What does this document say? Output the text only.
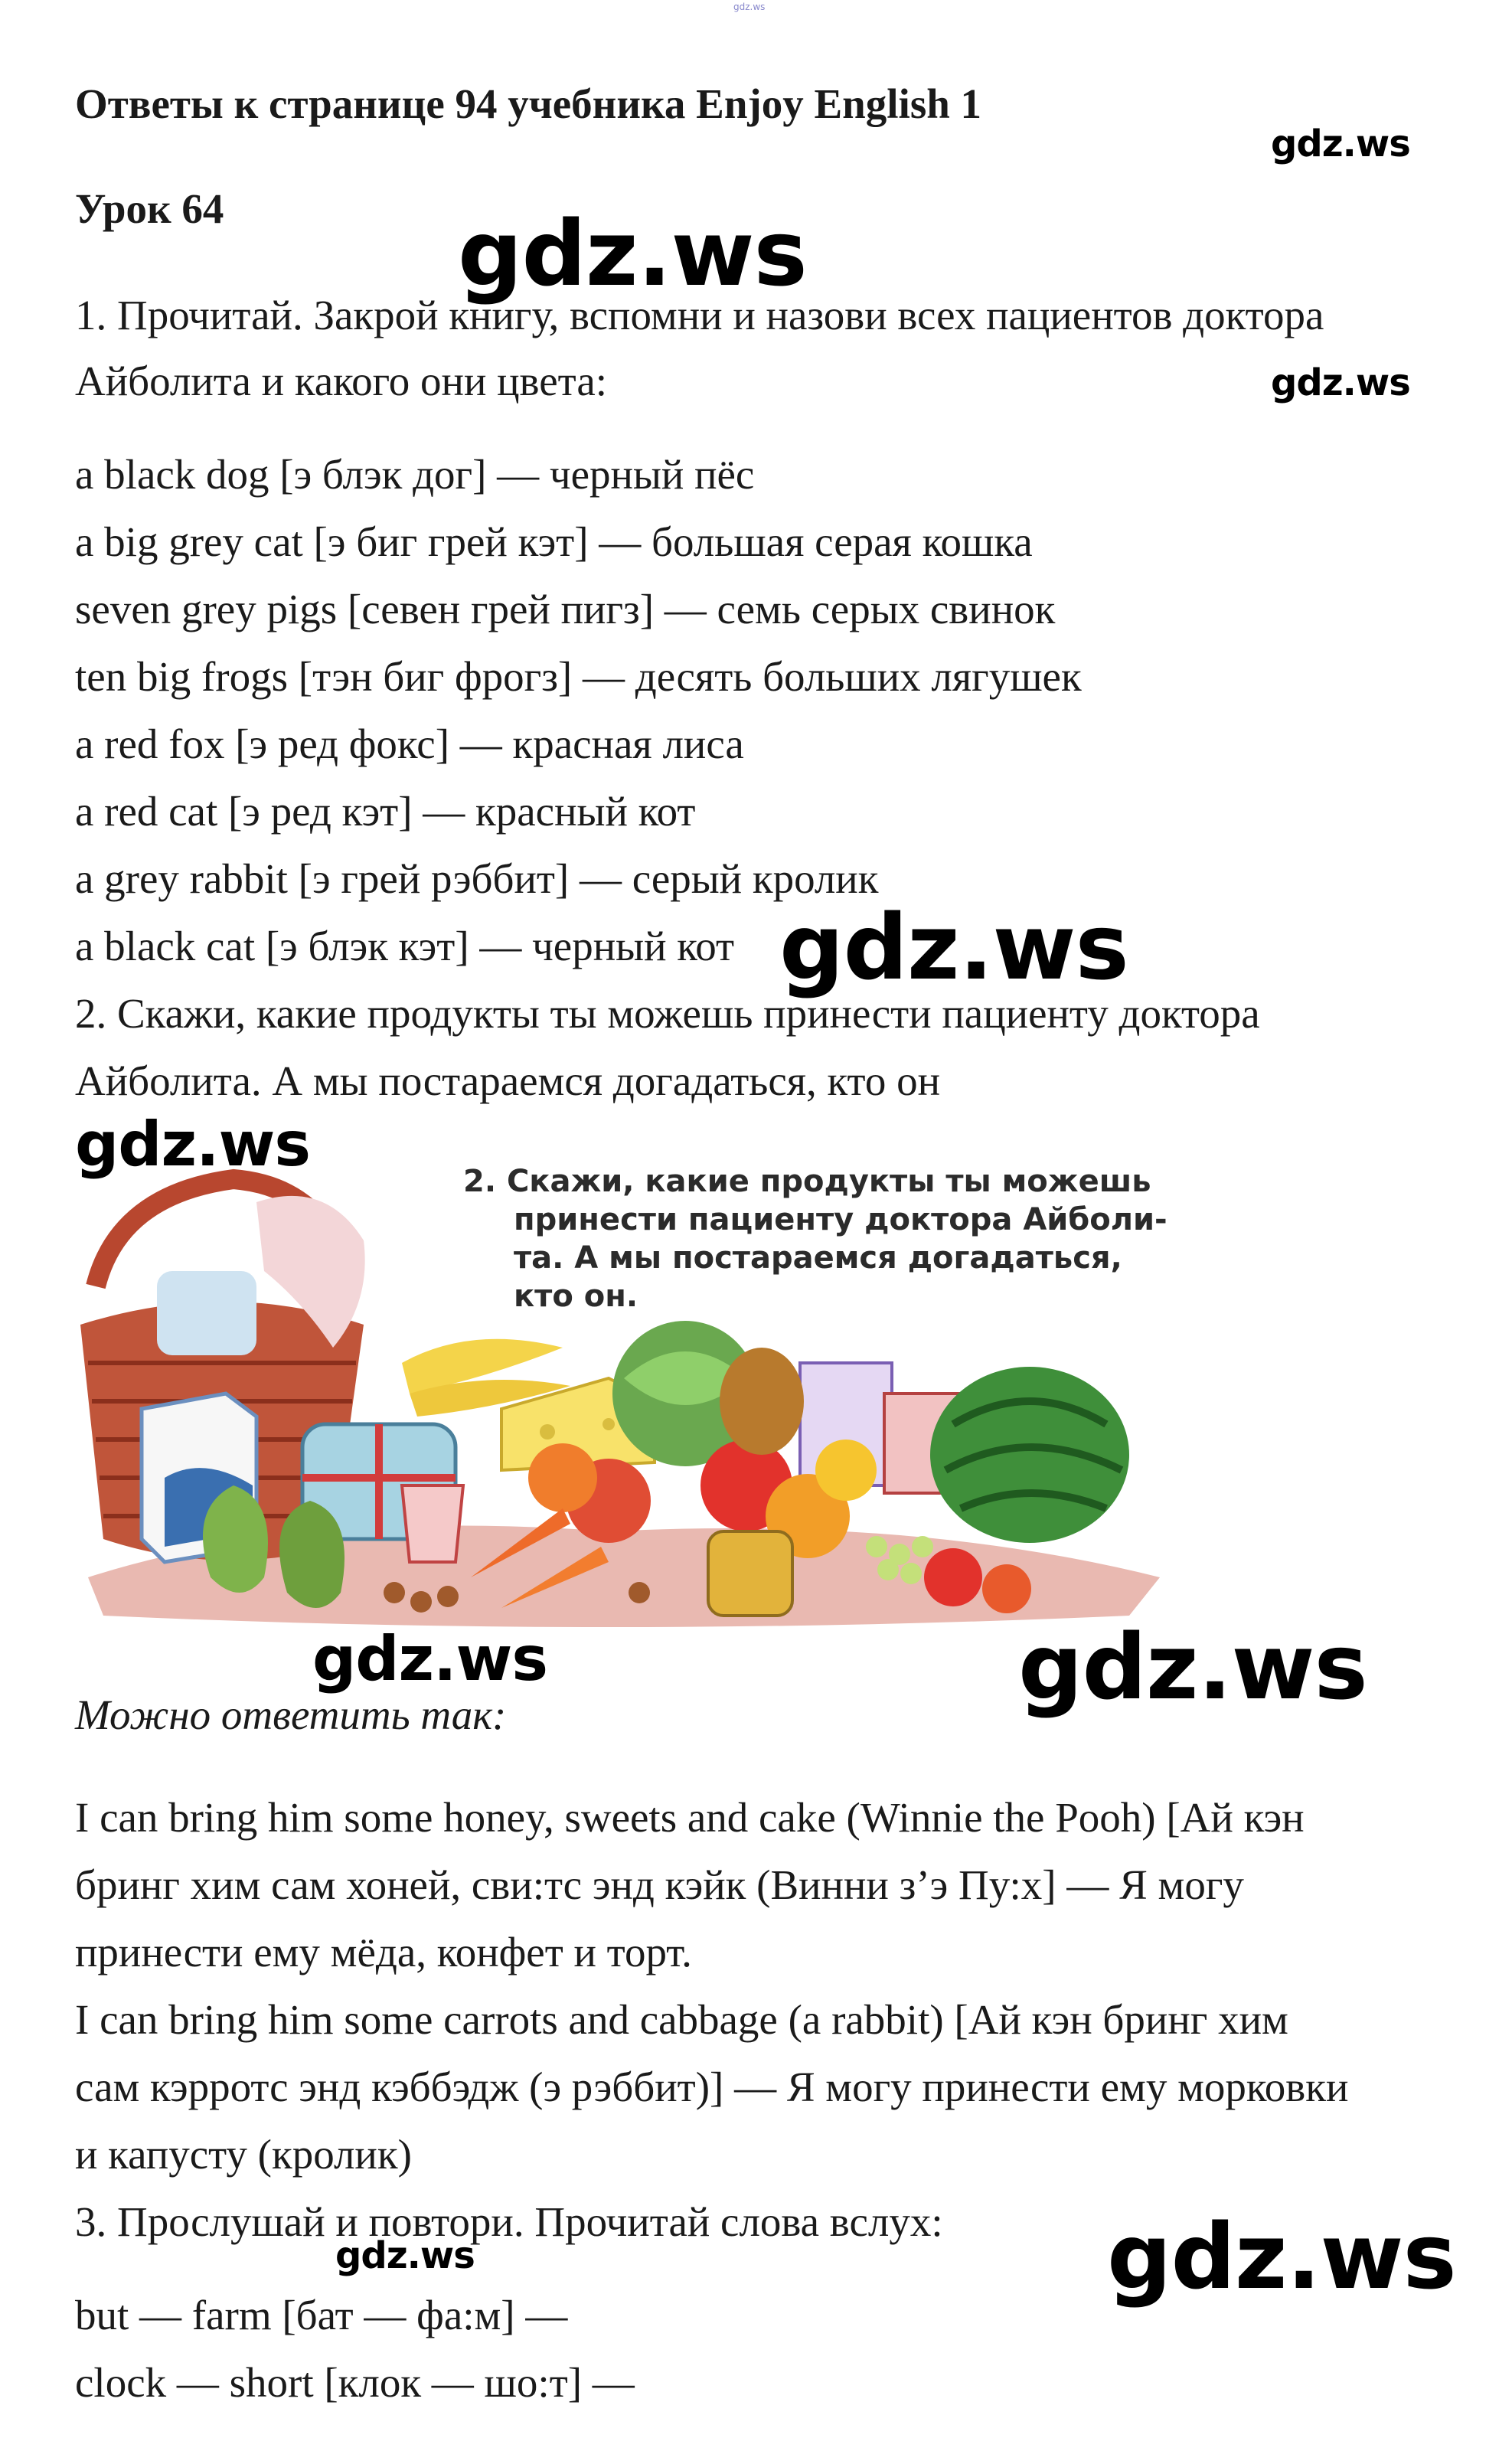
gdz.ws
Ответы к странице 94 учебника Enjoy English 1
Урок 64
1. Прочитай. Закрой книгу, вспомни и назови всех пациентов доктора
Айболита и какого они цвета:
a black dog [э блэк дог] — черный пёс
a big grey cat [э биг грей кэт] — большая серая кошка
seven grey pigs [севен грей пигз] — семь серых свинок
ten big frogs [тэн биг фрогз] — десять больших лягушек
a red fox [э ред фокс] — красная лиса
a red cat [э ред кэт] — красный кот
a grey rabbit [э грей рэббит] — серый кролик
a black cat [э блэк кэт] — черный кот
2. Скажи, какие продукты ты можешь принести пациенту доктора
Айболита. А мы постараемся догадаться, кто он
2. Скажи, какие продукты ты можешь
принести пациенту доктора Айболи-
та. А мы постараемся догадаться,
кто он.
Можно ответить так:
I can bring him some honey, sweets and cake (Winnie the Pooh) [Ай кэн
бринг хим сам хоней, сви:тс энд кэйк (Винни з’э Пу:х] — Я могу
принести ему мёда, конфет и торт.
I can bring him some carrots and cabbage (a rabbit) [Ай кэн бринг хим
сам кэрротс энд кэббэдж (э рэббит)] — Я могу принести ему морковки
и капусту (кролик)
3. Прослушай и повтори. Прочитай слова вслух:
but — farm [бат — фа:м] —
clock — short [клок — шо:т] —
gdz.ws
gdz.ws
gdz.ws
gdz.ws
gdz.ws
gdz.ws	gdz.ws
gdz.ws	gdz.ws
